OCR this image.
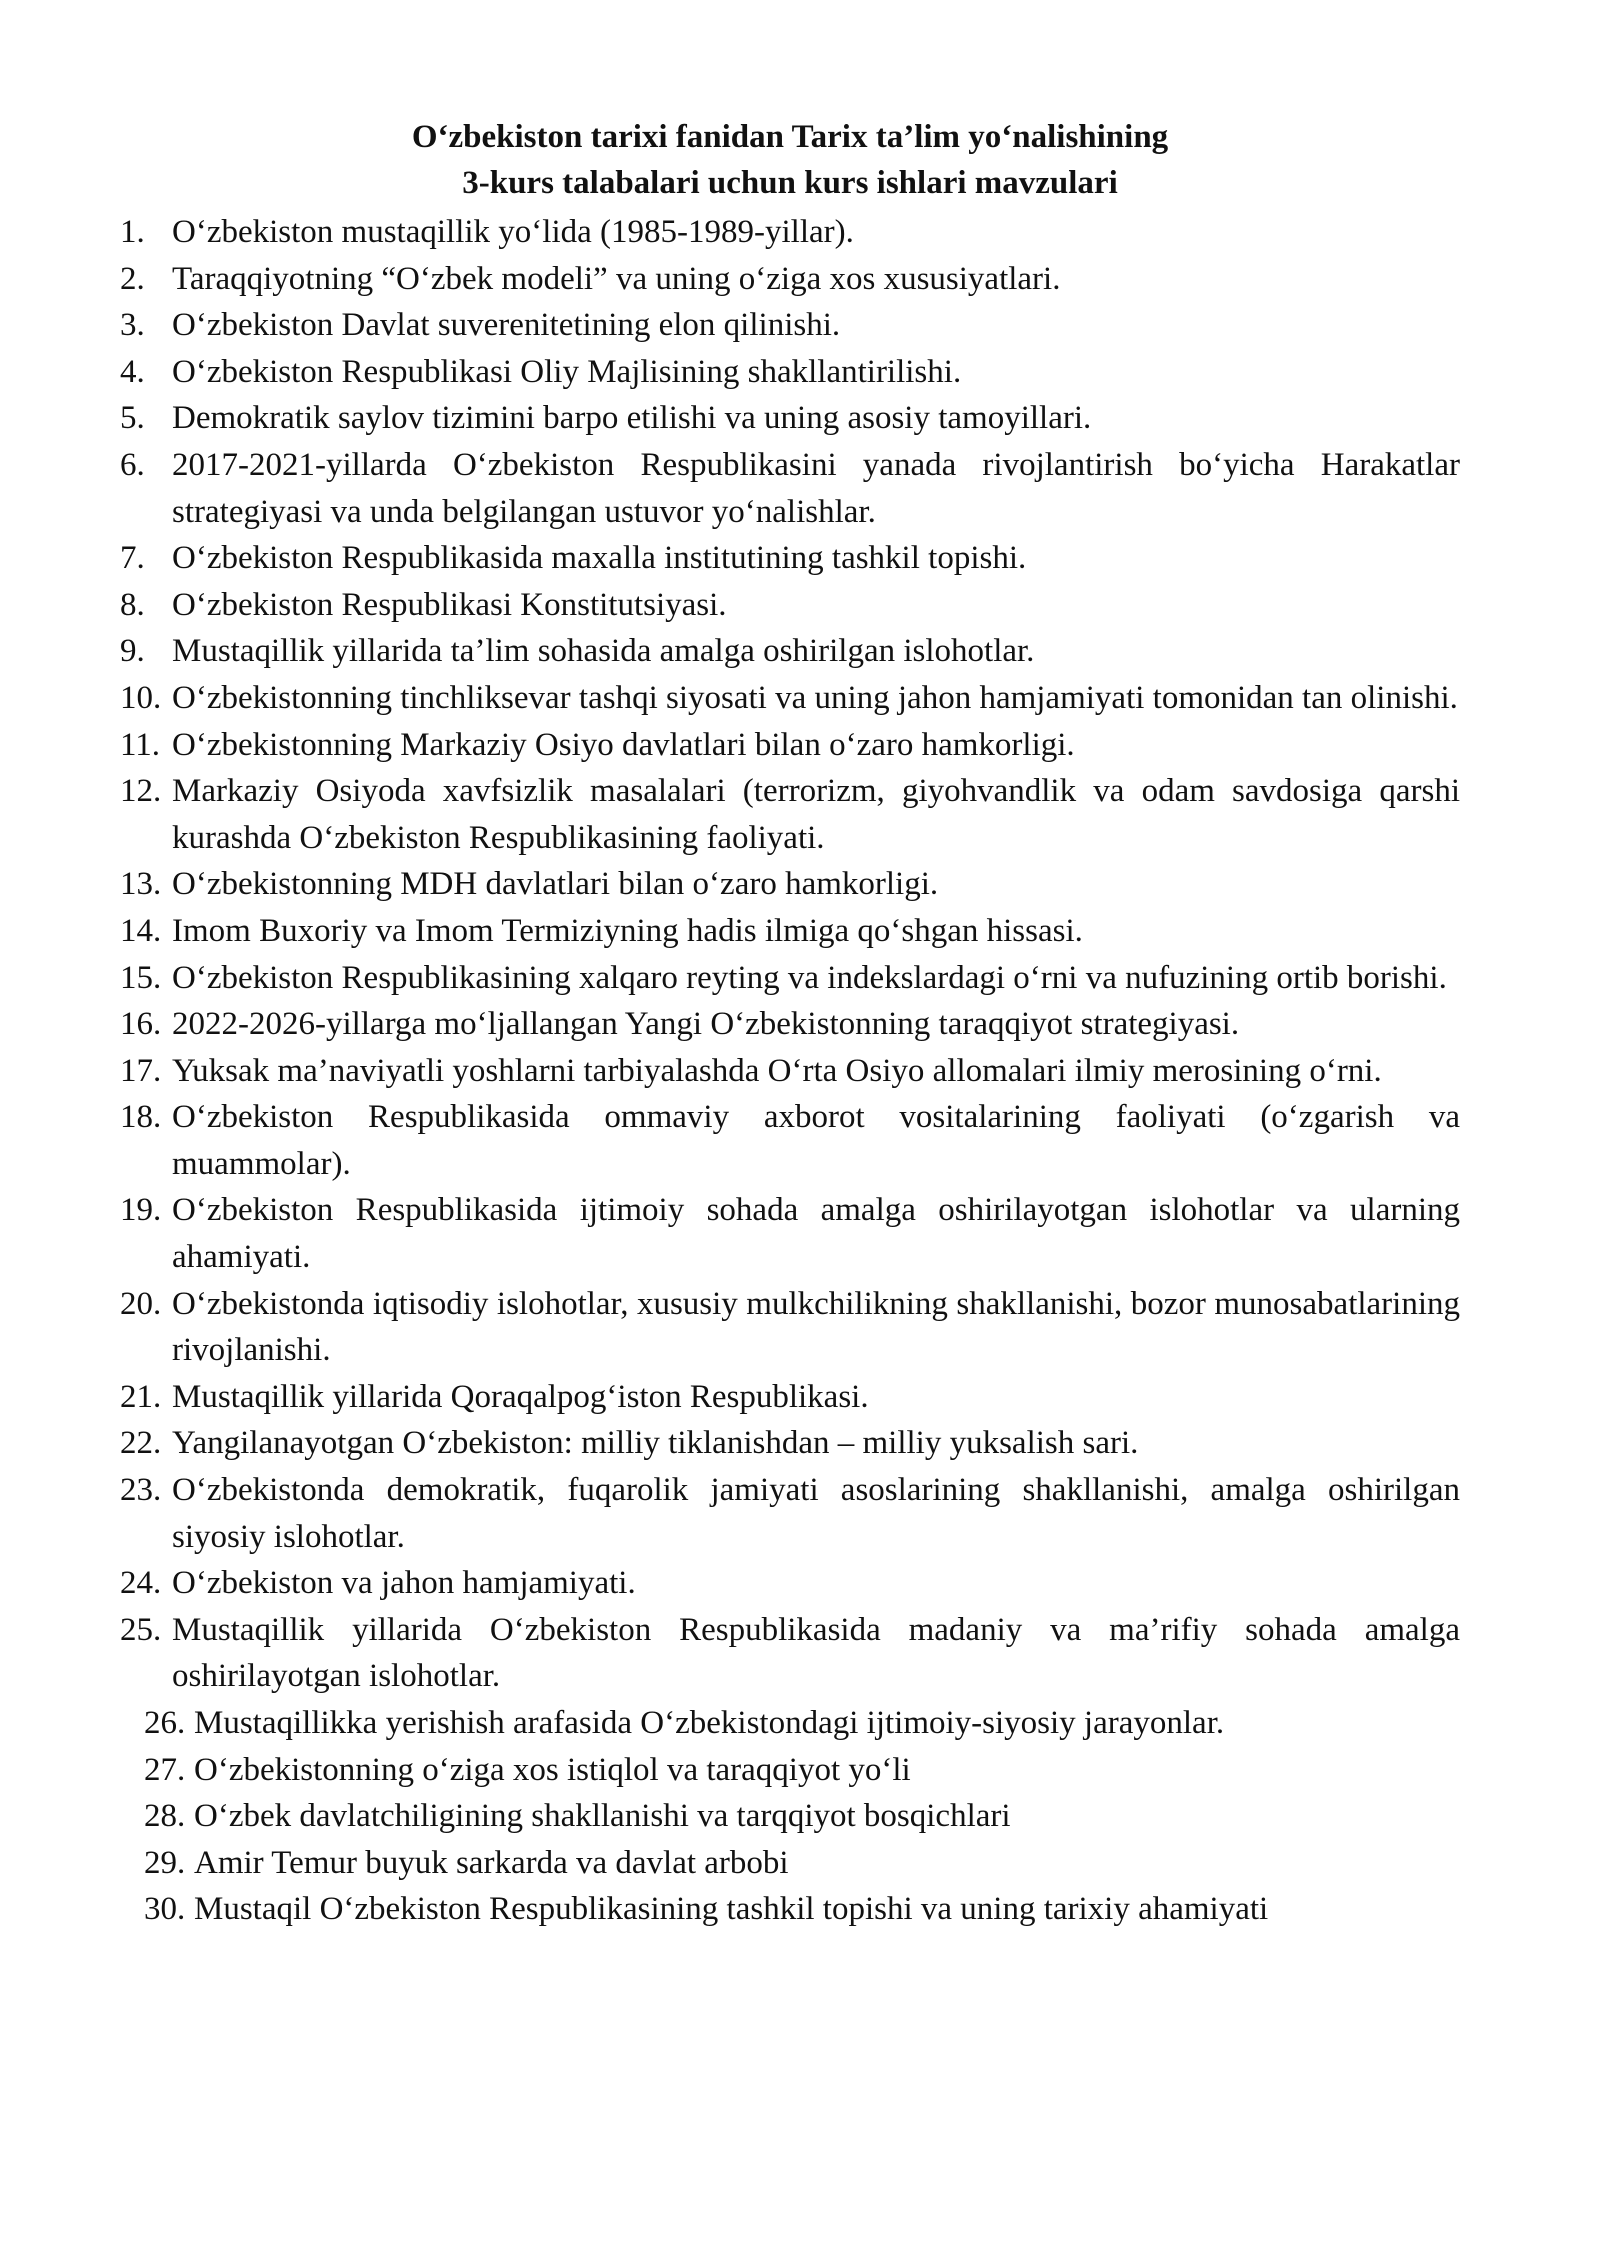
O‘zbekiston tarixi fanidan Tarix ta’lim yo‘nalishining
3-kurs talabalari uchun kurs ishlari mavzulari
1. O‘zbekiston mustaqillik yo‘lida (1985-1989-yillar).
2. Taraqqiyotning “O‘zbek modeli” va uning o‘ziga xos xususiyatlari.
3. O‘zbekiston Davlat suverenitetining elon qilinishi.
4. O‘zbekiston Respublikasi Oliy Majlisining shakllantirilishi.
5. Demokratik saylov tizimini barpo etilishi va uning asosiy tamoyillari.
6. 2017-2021-yillarda O‘zbekiston Respublikasini yanada rivojlantirish bo‘yicha Harakatlar strategiyasi va unda belgilangan ustuvor yo‘nalishlar.
7. O‘zbekiston Respublikasida maxalla institutining tashkil topishi.
8. O‘zbekiston Respublikasi Konstitutsiyasi.
9. Mustaqillik yillarida ta’lim sohasida amalga oshirilgan islohotlar.
10. O‘zbekistonning tinchliksevar tashqi siyosati va uning jahon hamjamiyati tomonidan tan olinishi.
11. O‘zbekistonning Markaziy Osiyo davlatlari bilan o‘zaro hamkorligi.
12. Markaziy Osiyoda xavfsizlik masalalari (terrorizm, giyohvandlik va odam savdosiga qarshi kurashda O‘zbekiston Respublikasining faoliyati.
13. O‘zbekistonning MDH davlatlari bilan o‘zaro hamkorligi.
14. Imom Buxoriy va Imom Termiziyning hadis ilmiga qo‘shgan hissasi.
15. O‘zbekiston Respublikasining xalqaro reyting va indekslardagi o‘rni va nufuzining ortib borishi.
16. 2022-2026-yillarga mo‘ljallangan Yangi O‘zbekistonning taraqqiyot strategiyasi.
17. Yuksak ma’naviyatli yoshlarni tarbiyalashda O‘rta Osiyo allomalari ilmiy merosining o‘rni.
18. O‘zbekiston Respublikasida ommaviy axborot vositalarining faoliyati (o‘zgarish va muammolar).
19. O‘zbekiston Respublikasida ijtimoiy sohada amalga oshirilayotgan islohotlar va ularning ahamiyati.
20. O‘zbekistonda iqtisodiy islohotlar, xususiy mulkchilikning shakllanishi, bozor munosabatlarining rivojlanishi.
21. Mustaqillik yillarida Qoraqalpog‘iston Respublikasi.
22. Yangilanayotgan O‘zbekiston: milliy tiklanishdan – milliy yuksalish sari.
23. O‘zbekistonda demokratik, fuqarolik jamiyati asoslarining shakllanishi, amalga oshirilgan siyosiy islohotlar.
24. O‘zbekiston va jahon hamjamiyati.
25. Mustaqillik yillarida O‘zbekiston Respublikasida madaniy va ma’rifiy sohada amalga oshirilayotgan islohotlar.
26. Mustaqillikka yerishish arafasida O‘zbekistondagi ijtimoiy-siyosiy jarayonlar.
27. O‘zbekistonning o‘ziga xos istiqlol va taraqqiyot yo‘li
28. O‘zbek davlatchiligining shakllanishi va tarqqiyot bosqichlari
29. Amir Temur buyuk sarkarda va davlat arbobi
30. Mustaqil O‘zbekiston Respublikasining tashkil topishi va uning tarixiy ahamiyati
